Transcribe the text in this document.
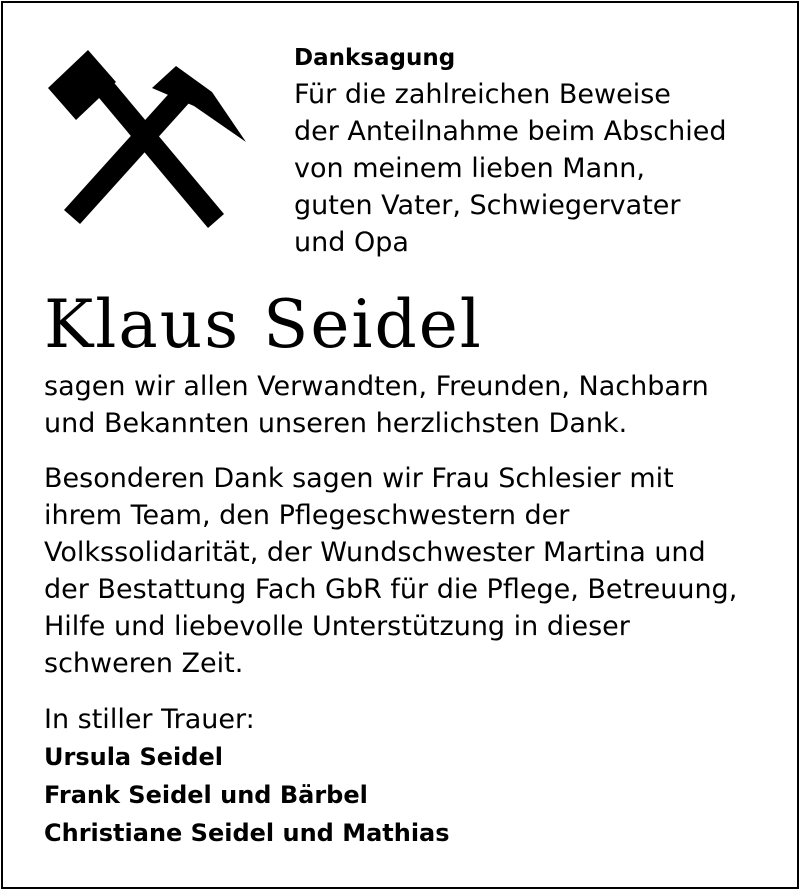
Danksagung
Für die zahlreichen Beweise
der Anteilnahme beim Abschied
von meinem lieben Mann,
guten Vater, Schwiegervater
und Opa
Klaus Seidel
sagen wir allen Verwandten, Freunden, Nachbarn
und Bekannten unseren herzlichsten Dank.
Besonderen Dank sagen wir Frau Schlesier mit
ihrem Team, den Pflegeschwestern der
Volkssolidarität, der Wundschwester Martina und
der Bestattung Fach GbR für die Pflege, Betreuung,
Hilfe und liebevolle Unterstützung in dieser
schweren Zeit.
In stiller Trauer:
Ursula Seidel
Frank Seidel und Bärbel
Christiane Seidel und Mathias
